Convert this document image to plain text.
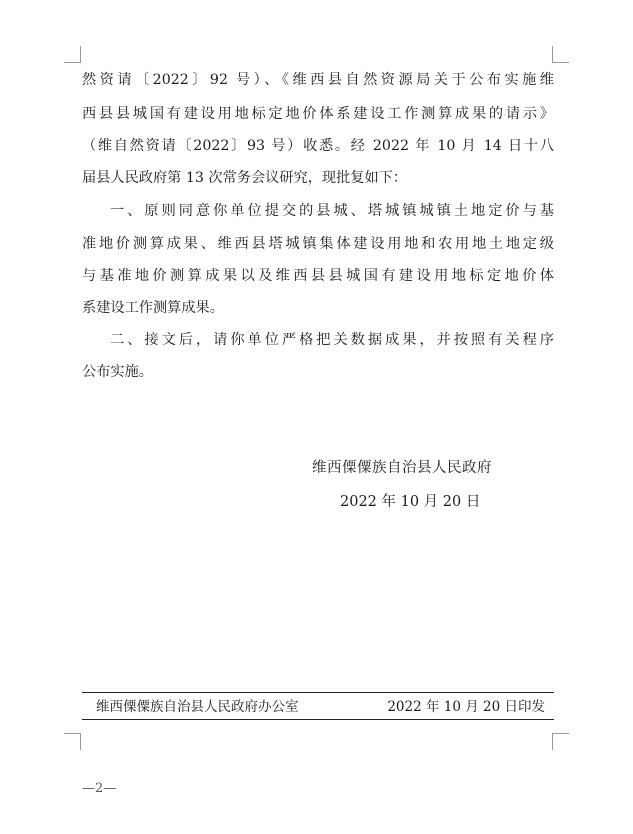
然资请〔2022〕92 号）、《维西县自然资源局关于公布实施维
西县县城国有建设用地标定地价体系建设工作测算成果的请示》
（维自然资请〔2022〕93 号）收悉。经 2022 年 10 月 14 日十八
届县人民政府第 13 次常务会议研究，现批复如下：
一、原则同意你单位提交的县城、塔城镇城镇土地定价与基
准地价测算成果、维西县塔城镇集体建设用地和农用地土地定级
与基准地价测算成果以及维西县县城国有建设用地标定地价体
系建设工作测算成果。
二、接文后，请你单位严格把关数据成果，并按照有关程序
公布实施。
维西傈僳族自治县人民政府
2022 年 10 月 20 日
维西傈僳族自治县人民政府办公室	2022 年 10 月 20 日印发
—2—
